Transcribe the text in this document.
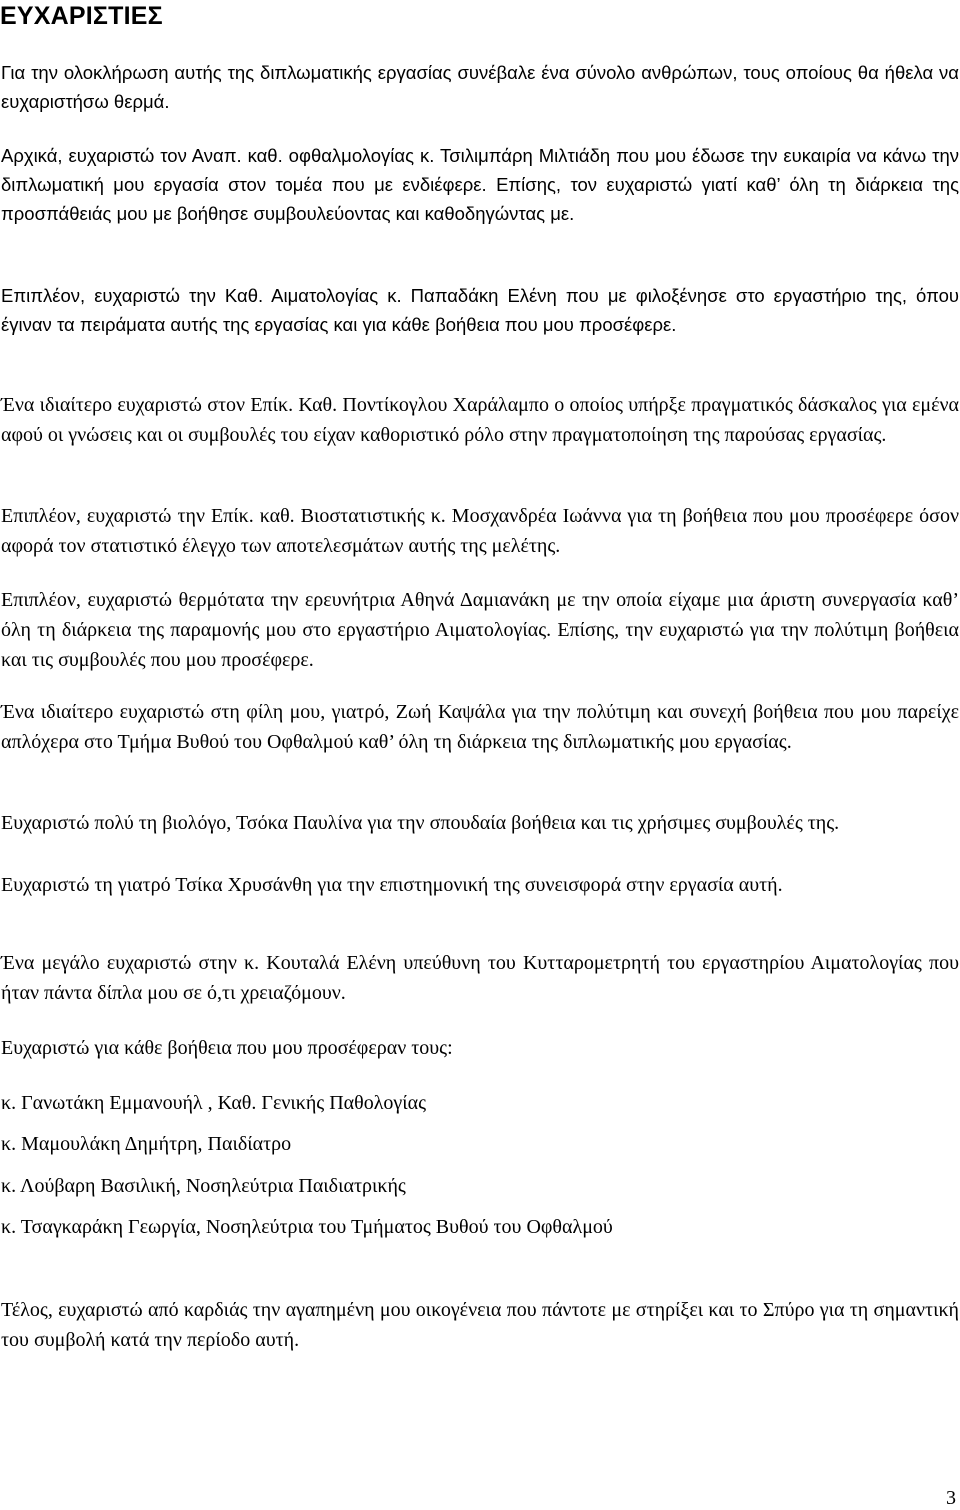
ΕΥΧΑΡΙΣΤΙΕΣ

Για την ολοκλήρωση αυτής της διπλωματικής εργασίας συνέβαλε ένα σύνολο ανθρώπων, τους οποίους θα ήθελα να ευχαριστήσω θερμά.

Αρχικά, ευχαριστώ τον Αναπ. καθ. οφθαλμολογίας κ. Τσιλιμπάρη Μιλτιάδη που μου έδωσε την ευκαιρία να κάνω την διπλωματική μου εργασία στον τομέα που με ενδιέφερε. Επίσης, τον ευχαριστώ γιατί καθ’ όλη τη διάρκεια της προσπάθειάς μου με βοήθησε συμβουλεύοντας και καθοδηγώντας με.

Επιπλέον, ευχαριστώ την Καθ. Αιματολογίας κ. Παπαδάκη Ελένη που με φιλοξένησε στο εργαστήριο της, όπου έγιναν τα πειράματα αυτής της εργασίας και για κάθε βοήθεια που μου προσέφερε.

Ένα ιδιαίτερο ευχαριστώ στον Επίκ. Καθ. Ποντίκογλου Χαράλαμπο ο οποίος υπήρξε πραγματικός δάσκαλος για εμένα αφού οι γνώσεις και οι συμβουλές του είχαν καθοριστικό ρόλο στην πραγματοποίηση της παρούσας εργασίας.

Επιπλέον, ευχαριστώ την Επίκ. καθ. Βιοστατιστικής κ. Μοσχανδρέα Ιωάννα για τη βοήθεια που μου προσέφερε όσον αφορά τον στατιστικό έλεγχο των αποτελεσμάτων αυτής της μελέτης.

Επιπλέον, ευχαριστώ θερμότατα την ερευνήτρια Αθηνά Δαμιανάκη με την οποία είχαμε μια άριστη συνεργασία καθ’ όλη τη διάρκεια της παραμονής μου στο εργαστήριο Αιματολογίας. Επίσης, την ευχαριστώ για την πολύτιμη βοήθεια και τις συμβουλές που μου προσέφερε.

Ένα ιδιαίτερο ευχαριστώ στη φίλη μου, γιατρό, Ζωή Καψάλα για την πολύτιμη και συνεχή βοήθεια που μου παρείχε απλόχερα στο Τμήμα Βυθού του Οφθαλμού καθ’ όλη τη διάρκεια της διπλωματικής μου εργασίας.

Ευχαριστώ πολύ τη βιολόγο, Τσόκα Παυλίνα για την σπουδαία βοήθεια και τις χρήσιμες συμβουλές της.

Ευχαριστώ τη γιατρό Τσίκα Χρυσάνθη για την επιστημονική της συνεισφορά στην εργασία αυτή.

Ένα μεγάλο ευχαριστώ στην κ. Κουταλά Ελένη υπεύθυνη του Κυτταρομετρητή του εργαστηρίου Αιματολογίας που ήταν πάντα δίπλα μου σε ό,τι χρειαζόμουν.

Ευχαριστώ για κάθε βοήθεια που μου προσέφεραν τους:

κ. Γανωτάκη Εμμανουήλ , Καθ. Γενικής Παθολογίας

κ. Μαμουλάκη Δημήτρη, Παιδίατρο

κ. Λούβαρη Βασιλική, Νοσηλεύτρια Παιδιατρικής

κ. Τσαγκαράκη Γεωργία, Νοσηλεύτρια του Τμήματος Βυθού του Οφθαλμού

Τέλος, ευχαριστώ από καρδιάς την αγαπημένη μου οικογένεια που πάντοτε με στηρίξει και το Σπύρο για τη σημαντική του συμβολή κατά την περίοδο αυτή.

3
